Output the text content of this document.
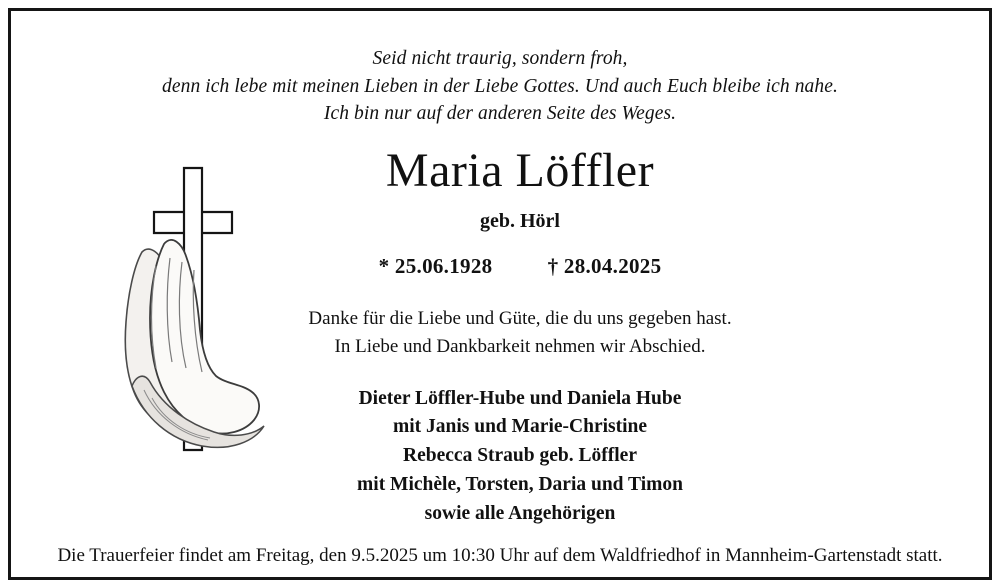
Seid nicht traurig, sondern froh,
denn ich lebe mit meinen Lieben in der Liebe Gottes. Und auch Euch bleibe ich nahe.
Ich bin nur auf der anderen Seite des Weges.
Maria Löffler
geb. Hörl
* 25.06.1928	† 28.04.2025
Danke für die Liebe und Güte, die du uns gegeben hast.
In Liebe und Dankbarkeit nehmen wir Abschied.
Dieter Löffler-Hube und Daniela Hube
mit Janis und Marie-Christine
Rebecca Straub geb. Löffler
mit Michèle, Torsten, Daria und Timon
sowie alle Angehörigen
Die Trauerfeier findet am Freitag, den 9.5.2025 um 10:30 Uhr auf dem Waldfriedhof in Mannheim-Gartenstadt statt.
